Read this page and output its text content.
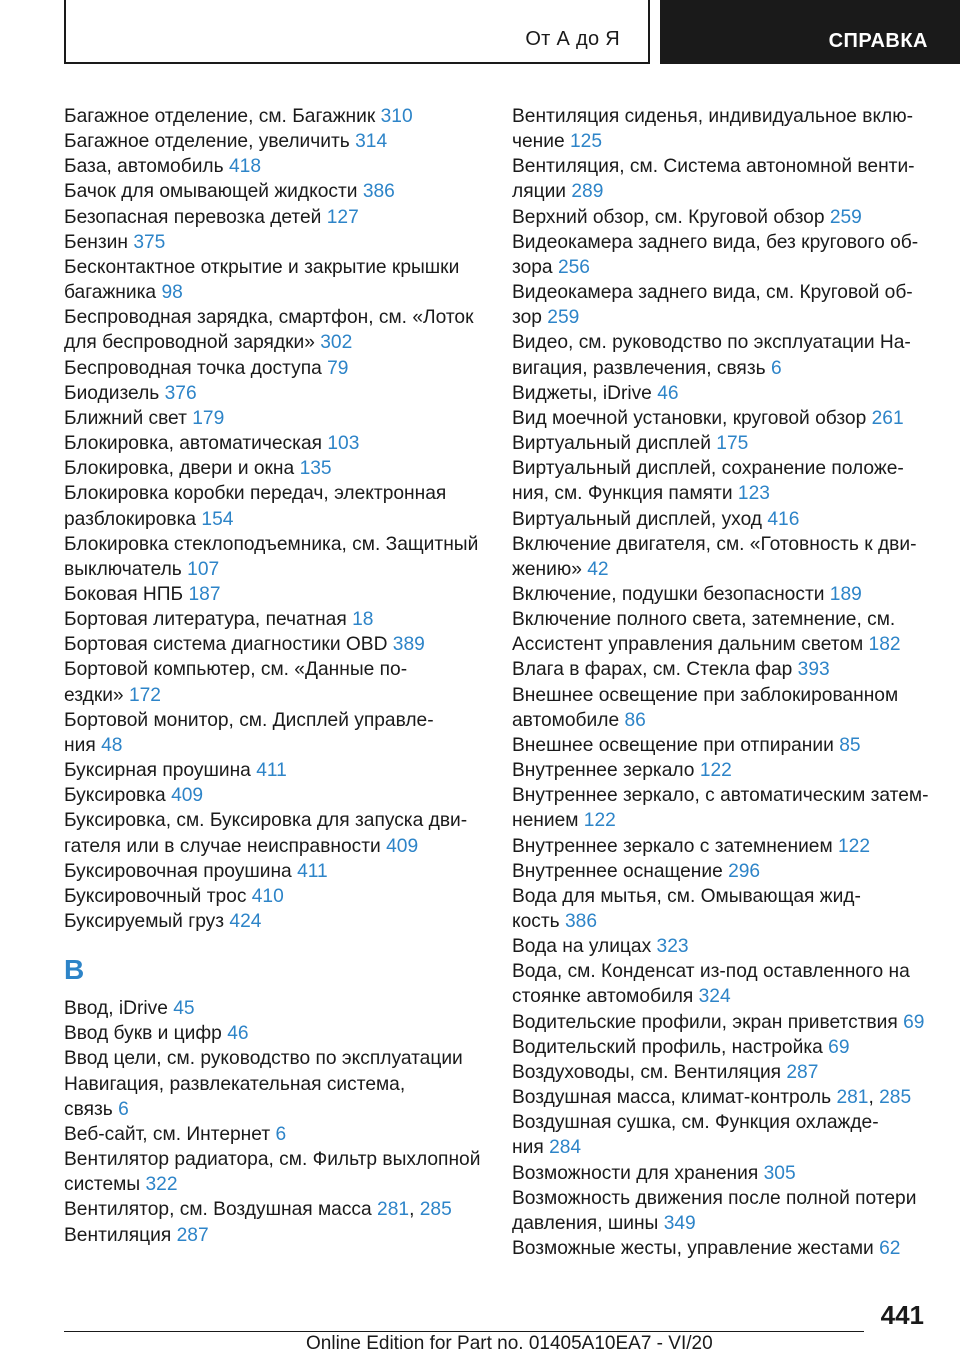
От А до Я	СПРАВКА
Багажное отделение, см. Багажник 310
Багажное отделение, увеличить 314
База, автомобиль 418
Бачок для омывающей жидкости 386
Безопасная перевозка детей 127
Бензин 375
Бесконтактное открытие и закрытие крышки
багажника 98
Беспроводная зарядка, смартфон, см. «Лоток
для беспроводной зарядки» 302
Беспроводная точка доступа 79
Биодизель 376
Ближний свет 179
Блокировка, автоматическая 103
Блокировка, двери и окна 135
Блокировка коробки передач, электронная
разблокировка 154
Блокировка стеклоподъемника, см. Защитный
выключатель 107
Боковая НПБ 187
Бортовая литература, печатная 18
Бортовая система диагностики OBD 389
Бортовой компьютер, см. «Данные по-
ездки» 172
Бортовой монитор, см. Дисплей управле-
ния 48
Буксирная проушина 411
Буксировка 409
Буксировка, см. Буксировка для запуска дви-
гателя или в случае неисправности 409
Буксировочная проушина 411
Буксировочный трос 410
Буксируемый груз 424
В
Ввод, iDrive 45
Ввод букв и цифр 46
Ввод цели, см. руководство по эксплуатации
Навигация, развлекательная система,
связь 6
Веб-сайт, см. Интернет 6
Вентилятор радиатора, см. Фильтр выхлопной
системы 322
Вентилятор, см. Воздушная масса 281, 285
Вентиляция 287
Вентиляция сиденья, индивидуальное вклю-
чение 125
Вентиляция, см. Система автономной венти-
ляции 289
Верхний обзор, см. Круговой обзор 259
Видеокамера заднего вида, без кругового об-
зора 256
Видеокамера заднего вида, см. Круговой об-
зор 259
Видео, см. руководство по эксплуатации На-
вигация, развлечения, связь 6
Виджеты, iDrive 46
Вид моечной установки, круговой обзор 261
Виртуальный дисплей 175
Виртуальный дисплей, сохранение положе-
ния, см. Функция памяти 123
Виртуальный дисплей, уход 416
Включение двигателя, см. «Готовность к дви-
жению» 42
Включение, подушки безопасности 189
Включение полного света, затемнение, см.
Ассистент управления дальним светом 182
Влага в фарах, см. Стекла фар 393
Внешнее освещение при заблокированном
автомобиле 86
Внешнее освещение при отпирании 85
Внутреннее зеркало 122
Внутреннее зеркало, с автоматическим затем-
нением 122
Внутреннее зеркало с затемнением 122
Внутреннее оснащение 296
Вода для мытья, см. Омывающая жид-
кость 386
Вода на улицах 323
Вода, см. Конденсат из-под оставленного на
стоянке автомобиля 324
Водительские профили, экран приветствия 69
Водительский профиль, настройка 69
Воздуховоды, см. Вентиляция 287
Воздушная масса, климат-контроль 281, 285
Воздушная сушка, см. Функция охлажде-
ния 284
Возможности для хранения 305
Возможность движения после полной потери
давления, шины 349
Возможные жесты, управление жестами 62
441
Online Edition for Part no. 01405A10EA7 - VI/20
